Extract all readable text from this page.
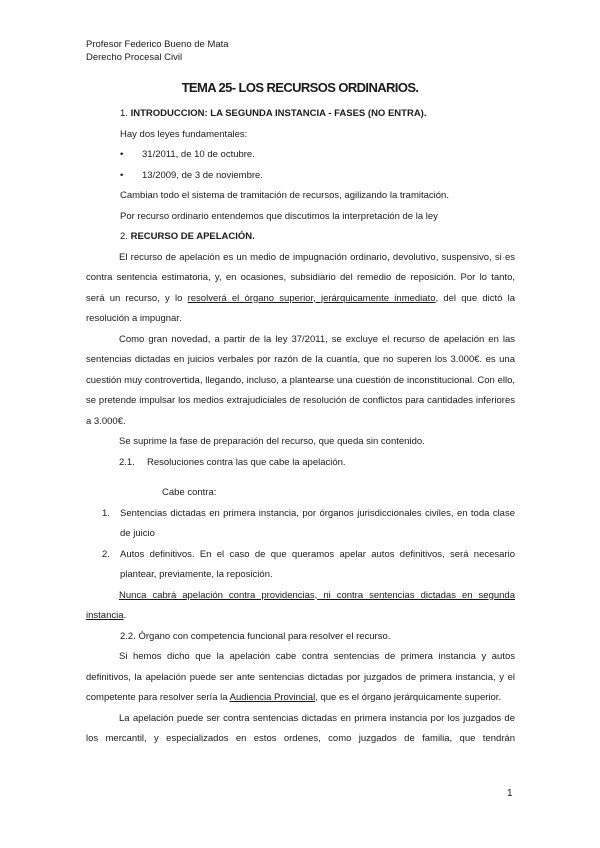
Profesor Federico Bueno de Mata
Derecho Procesal Civil
TEMA 25- LOS RECURSOS ORDINARIOS.

1. INTRODUCCION: LA SEGUNDA INSTANCIA - FASES (NO ENTRA).

Hay dos leyes fundamentales:

• 31/2011, de 10 de octubre.

• 13/2009, de 3 de noviembre.

Cambian todo el sistema de tramitación de recursos, agilizando la tramitación.

Por recurso ordinario entendemos que discutimos la interpretación de la ley

2. RECURSO DE APELACIÓN.

El recurso de apelación es un medio de impugnación ordinario, devolutivo, suspensivo, si es contra sentencia estimatoria, y, en ocasiones, subsidiario del remedio de reposición. Por lo tanto, será un recurso, y lo resolverá el órgano superior, jerárquicamente inmediato, del que dictó la resolución a impugnar.

Como gran novedad, a partir de la ley 37/2011, se excluye el recurso de apelación en las sentencias dictadas en juicios verbales por razón de la cuantía, que no superen los 3.000€. es una cuestión muy controvertida, llegando, incluso, a plantearse una cuestión de inconstitucional. Con ello, se pretende impulsar los medios extrajudiciales de resolución de conflictos para cantidades inferiores a 3.000€.

Se suprime la fase de preparación del recurso, que queda sin contenido.

2.1. Resoluciones contra las que cabe la apelación.

Cabe contra:

1. Sentencias dictadas en primera instancia, por órganos jurisdiccionales civiles, en toda clase de juicio

2. Autos definitivos. En el caso de que queramos apelar autos definitivos, será necesario plantear, previamente, la reposición.

Nunca cabrá apelación contra providencias, ni contra sentencias dictadas en segunda instancia.

2.2. Órgano con competencia funcional para resolver el recurso.

Si hemos dicho que la apelación cabe contra sentencias de primera instancia y autos definitivos, la apelación puede ser ante sentencias dictadas por juzgados de primera instancia, y el competente para resolver sería la Audiencia Provincial, que es el órgano jerárquicamente superior.

La apelación puede ser contra sentencias dictadas en primera instancia por los juzgados de los mercantil, y especializados en estos ordenes, como juzgados de familia, que tendrán

1
